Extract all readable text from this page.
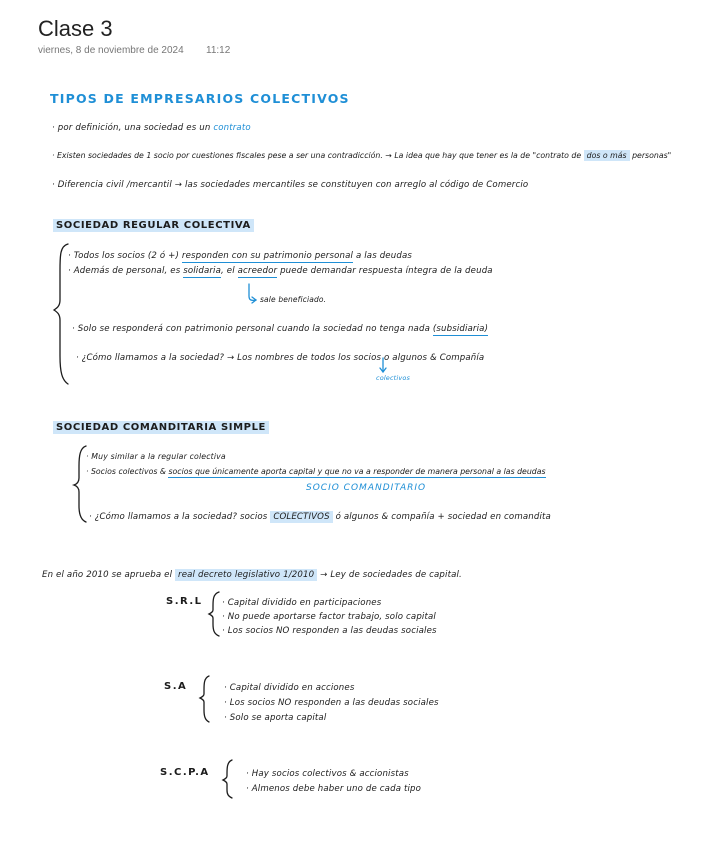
Clase 3
viernes, 8 de noviembre de 2024 11:12
TIPOS DE EMPRESARIOS COLECTIVOS
· por definición, una sociedad es un contrato
· Existen sociedades de 1 socio por cuestiones fiscales pese a ser una contradicción. → La idea que hay que tener es la de "contrato de dos o más personas"
· Diferencia civil /mercantil → las sociedades mercantiles se constituyen con arreglo al código de Comercio
SOCIEDAD REGULAR COLECTIVA
· Todos los socios (2 ó +) responden con su patrimonio personal a las deudas
· Además de personal, es solidaria, el acreedor puede demandar respuesta íntegra de la deuda
sale beneficiado.
· Solo se responderá con patrimonio personal cuando la sociedad no tenga nada (subsidiaria)
· ¿Cómo llamamos a la sociedad? → Los nombres de todos los socios o algunos & Compañía
colectivos
SOCIEDAD COMANDITARIA SIMPLE
· Muy similar a la regular colectiva
· Socios colectivos & socios que únicamente aporta capital y que no va a responder de manera personal a las deudas
SOCIO COMANDITARIO
· ¿Cómo llamamos a la sociedad? socios COLECTIVOS ó algunos & compañía + sociedad en comandita
En el año 2010 se aprueba el real decreto legislativo 1/2010 → Ley de sociedades de capital.
S.R.L · Capital dividido en participaciones
· No puede aportarse factor trabajo, solo capital
· Los socios NO responden a las deudas sociales
S.A	· Capital dividido en acciones
· Los socios NO responden a las deudas sociales
· Solo se aporta capital
S.C.P.A	· Hay socios colectivos & accionistas
· Almenos debe haber uno de cada tipo
